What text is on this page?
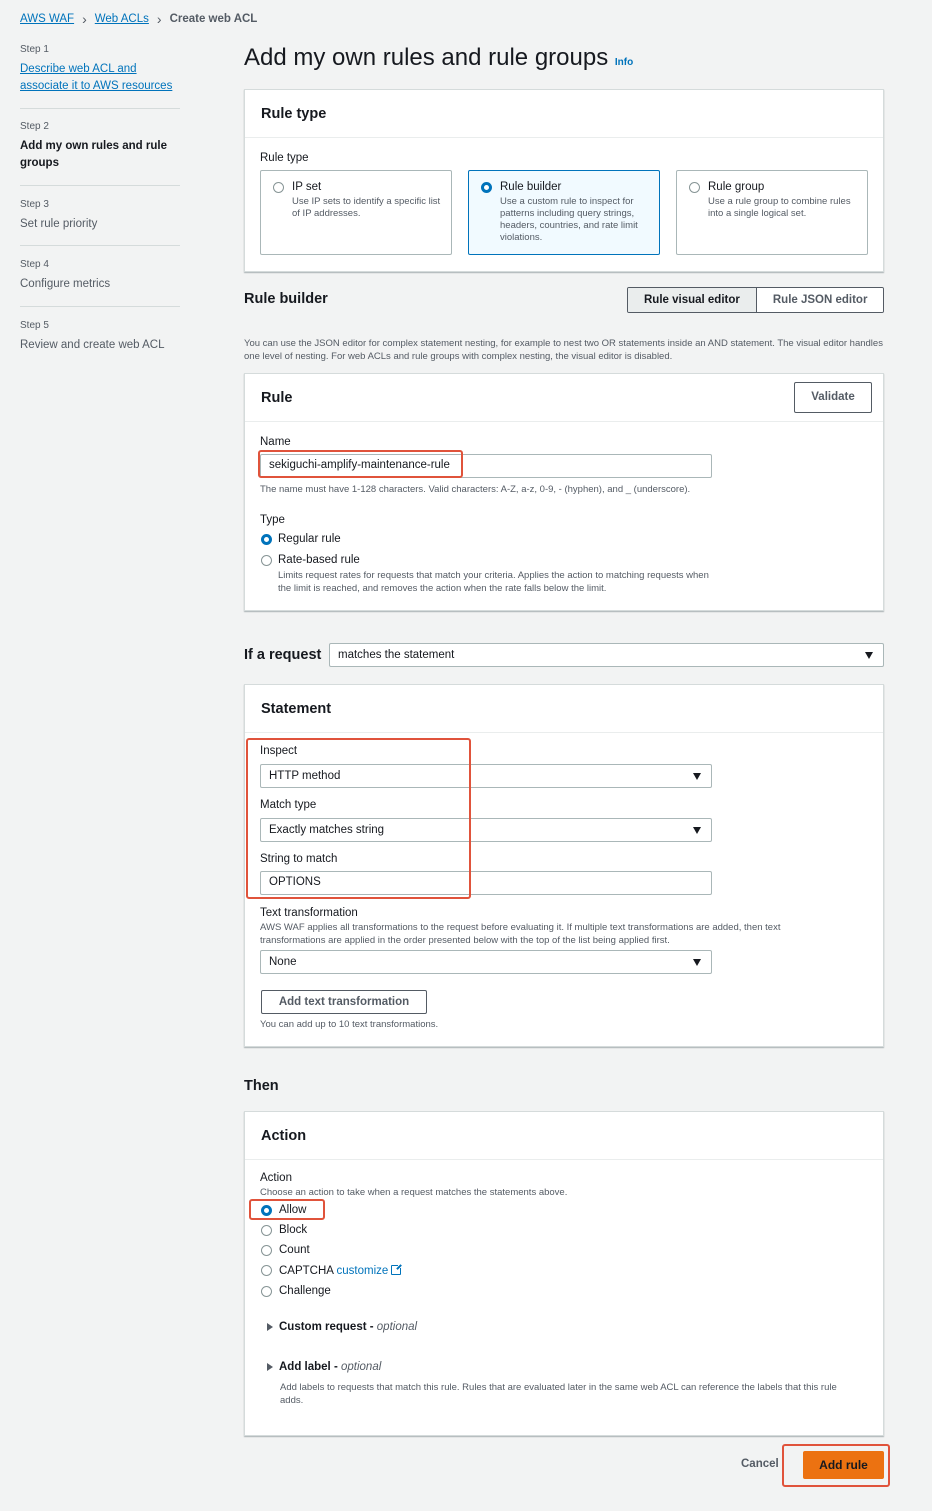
AWS WAF › Web ACLs › Create web ACL
Step 1
Describe web ACL and associate it to AWS resources
Step 2
Add my own rules and rule groups
Step 3
Set rule priority
Step 4
Configure metrics
Step 5
Review and create web ACL
Add my own rules and rule groups Info
Rule type
Rule type
IP set
Use IP sets to identify a specific list of IP addresses.
Rule builder
Use a custom rule to inspect for patterns including query strings, headers, countries, and rate limit violations.
Rule group
Use a rule group to combine rules into a single logical set.
Rule builder	Rule visual editor	Rule JSON editor
You can use the JSON editor for complex statement nesting, for example to nest two OR statements inside an AND statement. The visual editor handles one level of nesting. For web ACLs and rule groups with complex nesting, the visual editor is disabled.
Rule	Validate
Name
sekiguchi-amplify-maintenance-rule
The name must have 1-128 characters. Valid characters: A-Z, a-z, 0-9, - (hyphen), and _ (underscore).
Type
Regular rule
Rate-based rule
Limits request rates for requests that match your criteria. Applies the action to matching requests when the limit is reached, and removes the action when the rate falls below the limit.
If a request	matches the statement
Statement
Inspect
HTTP method
Match type
Exactly matches string
String to match
OPTIONS
Text transformation
AWS WAF applies all transformations to the request before evaluating it. If multiple text transformations are added, then text transformations are applied in the order presented below with the top of the list being applied first.
None
Add text transformation
You can add up to 10 text transformations.
Then
Action
Action
Choose an action to take when a request matches the statements above.
Allow
Block
Count
CAPTCHA customize
Challenge
Custom request - optional
Add label - optional
Add labels to requests that match this rule. Rules that are evaluated later in the same web ACL can reference the labels that this rule adds.
Cancel	Add rule
